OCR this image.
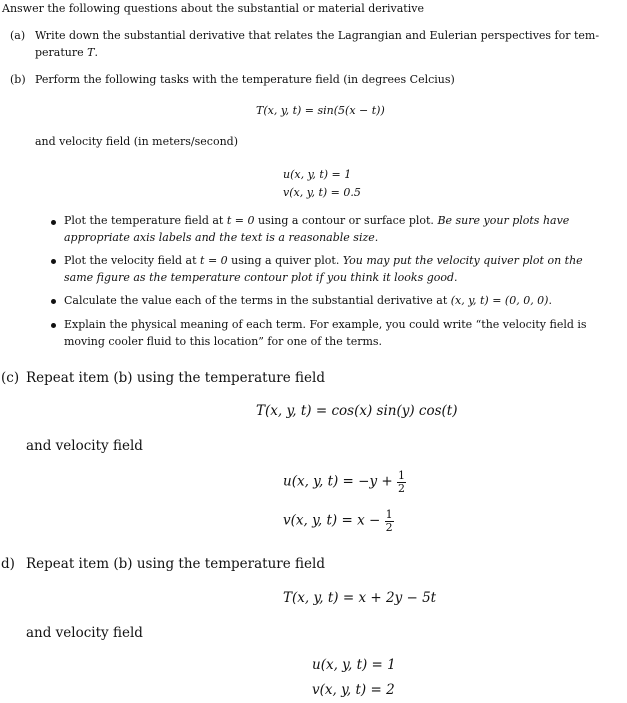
Answer the following questions about the substantial or material derivative
(a) Write down the substantial derivative that relates the Lagrangian and Eulerian perspectives for tem-
perature T.
(b) Perform the following tasks with the temperature field (in degrees Celcius)
T(x, y, t) = sin(5(x − t))
and velocity field (in meters/second)
u(x, y, t) = 1
v(x, y, t) = 0.5
Plot the temperature field at t = 0 using a contour or surface plot. Be sure your plots have
appropriate axis labels and the text is a reasonable size.
Plot the velocity field at t = 0 using a quiver plot. You may put the velocity quiver plot on the
same figure as the temperature contour plot if you think it looks good.
Calculate the value each of the terms in the substantial derivative at (x, y, t) = (0, 0, 0).
Explain the physical meaning of each term. For example, you could write “the velocity field is
moving cooler fluid to this location” for one of the terms.
(c) Repeat item (b) using the temperature field
T(x, y, t) = cos(x) sin(y) cos(t)
and velocity field
u(x, y, $t) = -y + \frac{1}{2}$
v(x, y, $t) = x - \frac{1}{2}$
d) Repeat item (b) using the temperature field
T(x, y, t) = x + 2y − 5t
and velocity field
u(x, y, t) = 1
v(x, y, t) = 2
